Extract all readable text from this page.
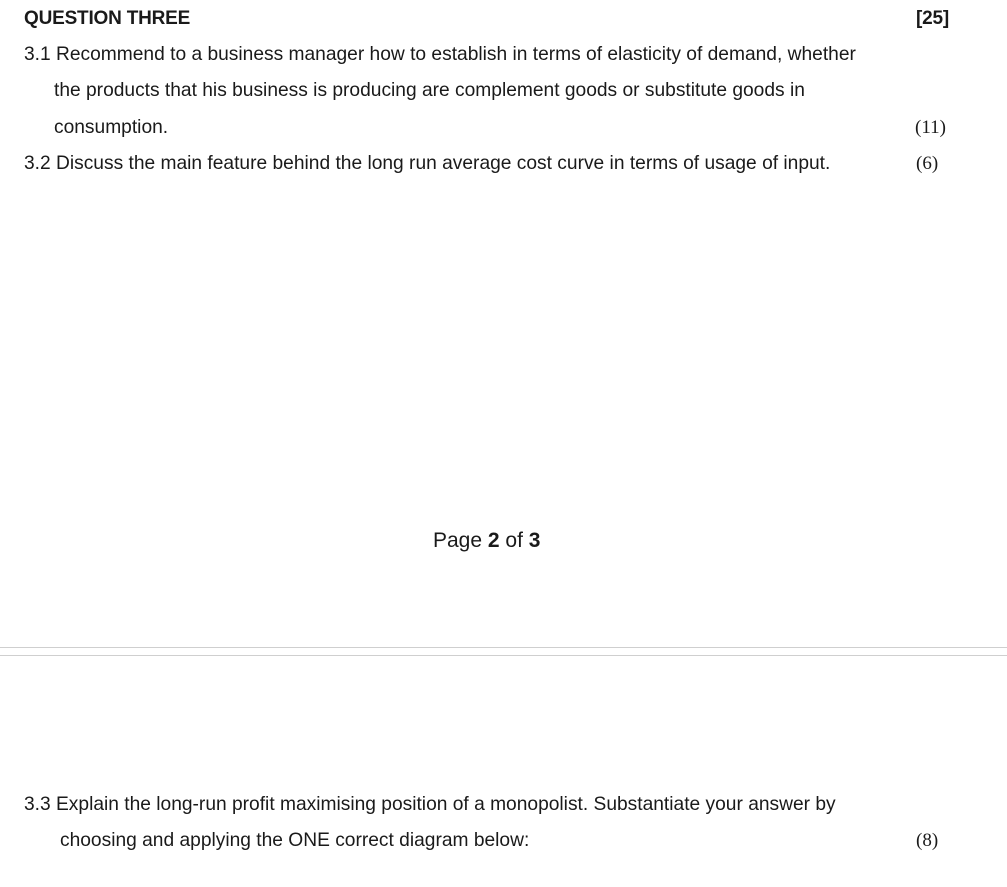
QUESTION THREE	[25]
3.1 Recommend to a business manager how to establish in terms of elasticity of demand, whether
the products that his business is producing are complement goods or substitute goods in
consumption.	(11)
3.2 Discuss the main feature behind the long run average cost curve in terms of usage of input.	(6)
Page 2 of 3
3.3 Explain the long-run profit maximising position of a monopolist. Substantiate your answer by
choosing and applying the ONE correct diagram below:	(8)
